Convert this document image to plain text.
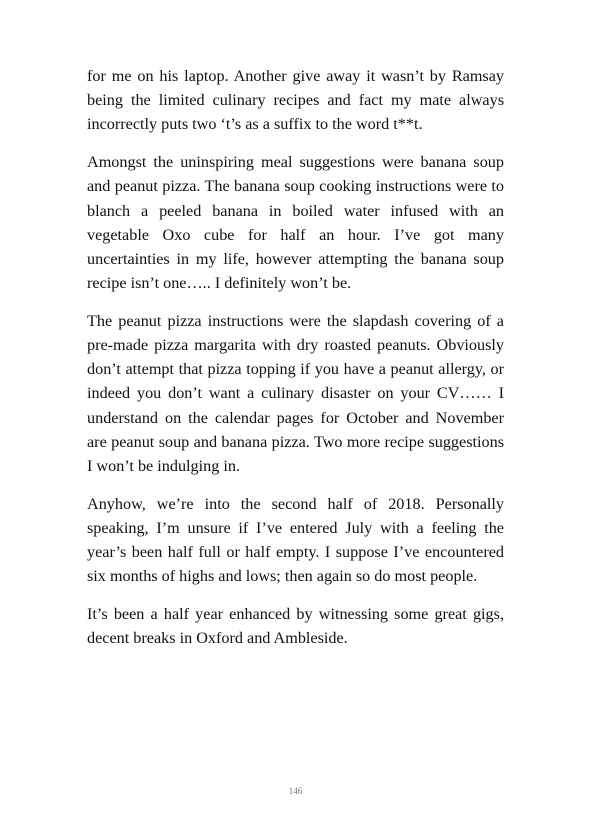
for me on his laptop. Another give away it wasn’t by Ramsay being the limited culinary recipes and fact my mate always incorrectly puts two ‘t’s as a suffix to the word t**t.

Amongst the uninspiring meal suggestions were banana soup and peanut pizza. The banana soup cooking instructions were to blanch a peeled banana in boiled water infused with an vegetable Oxo cube for half an hour. I’ve got many uncertainties in my life, however attempting the banana soup recipe isn’t one….. I definitely won’t be.

The peanut pizza instructions were the slapdash covering of a pre-made pizza margarita with dry roasted peanuts. Obviously don’t attempt that pizza topping if you have a peanut allergy, or indeed you don’t want a culinary disaster on your CV…… I understand on the calendar pages for October and November are peanut soup and banana pizza. Two more recipe suggestions I won’t be indulging in.

Anyhow, we’re into the second half of 2018. Personally speaking, I’m unsure if I’ve entered July with a feeling the year’s been half full or half empty. I suppose I’ve encountered six months of highs and lows; then again so do most people.

It’s been a half year enhanced by witnessing some great gigs, decent breaks in Oxford and Ambleside.

146
